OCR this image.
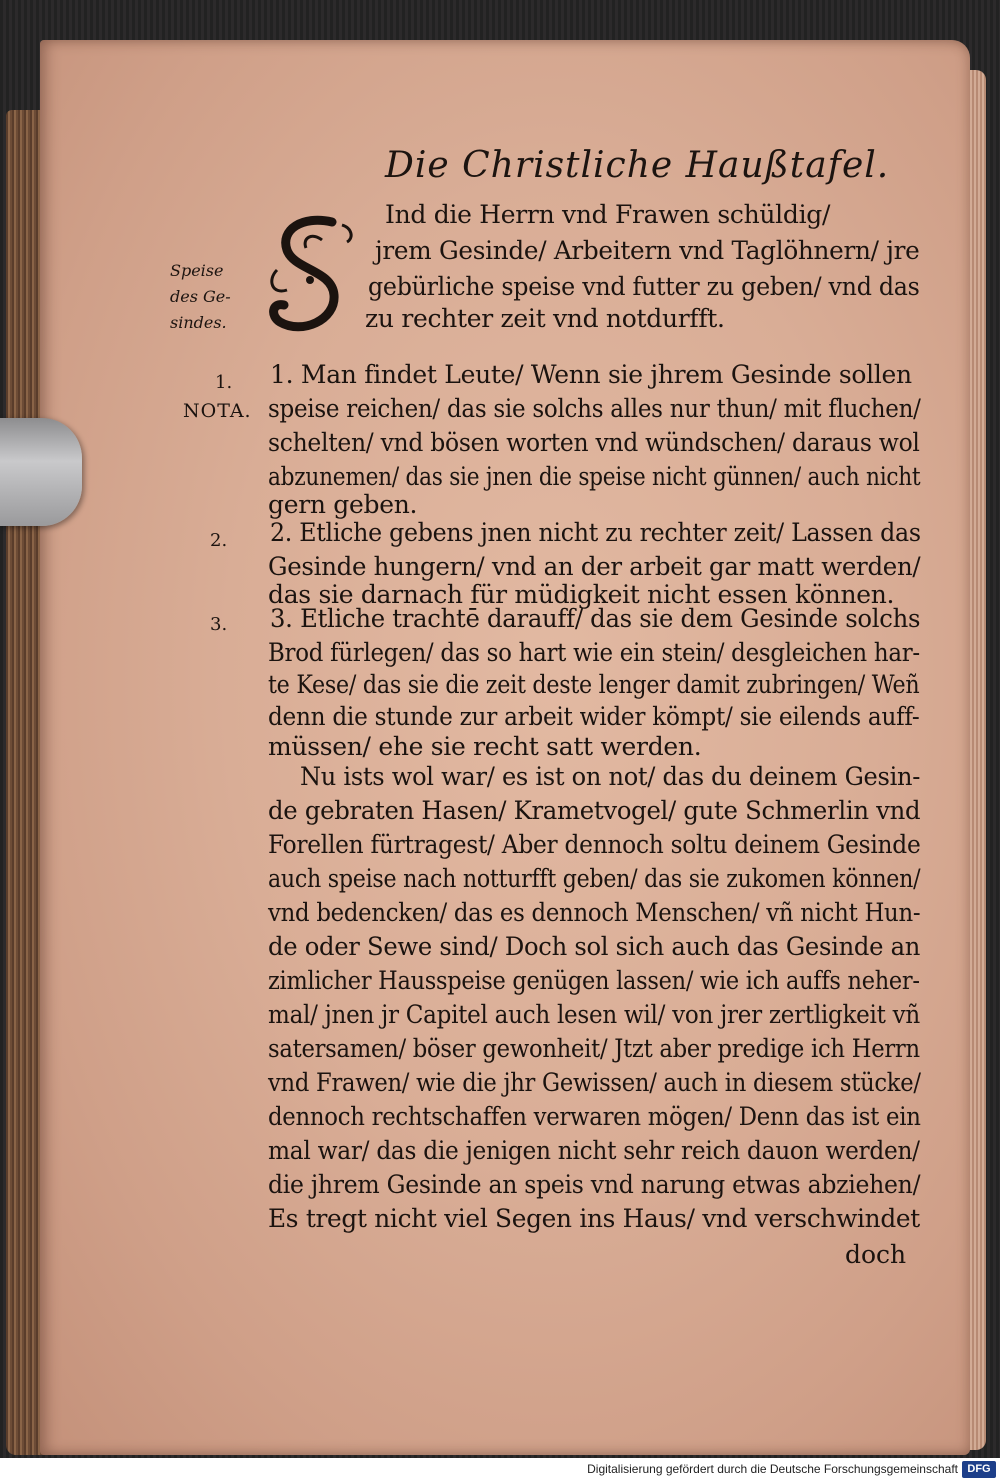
Die Christliche Haußtafel.
Speise
des Ge-
sindes.
1.
NOTA.
2.
3.
Ind die Herrn vnd Frawen schüldig/
jrem Gesinde/ Arbeitern vnd Taglöhnern/ jre
gebürliche speise vnd futter zu geben/ vnd das
zu rechter zeit vnd notdurfft.
1. Man findet Leute/ Wenn sie jhrem Gesinde sollen
speise reichen/ das sie solchs alles nur thun/ mit fluchen/
schelten/ vnd bösen worten vnd wündschen/ daraus wol
abzunemen/ das sie jnen die speise nicht günnen/ auch nicht
gern geben.
2. Etliche gebens jnen nicht zu rechter zeit/ Lassen das
Gesinde hungern/ vnd an der arbeit gar matt werden/
das sie darnach für müdigkeit nicht essen können.
3. Etliche trachtē darauff/ das sie dem Gesinde solchs
Brod fürlegen/ das so hart wie ein stein/ desgleichen har-
te Kese/ das sie die zeit deste lenger damit zubringen/ Weñ
denn die stunde zur arbeit wider kömpt/ sie eilends auff-
müssen/ ehe sie recht satt werden.
Nu ists wol war/ es ist on not/ das du deinem Gesin-
de gebraten Hasen/ Krametvogel/ gute Schmerlin vnd
Forellen fürtragest/ Aber dennoch soltu deinem Gesinde
auch speise nach notturfft geben/ das sie zukomen können/
vnd bedencken/ das es dennoch Menschen/ vñ nicht Hun-
de oder Sewe sind/ Doch sol sich auch das Gesinde an
zimlicher Hausspeise genügen lassen/ wie ich auffs neher-
mal/ jnen jr Capitel auch lesen wil/ von jrer zertligkeit vñ
satersamen/ böser gewonheit/ Jtzt aber predige ich Herrn
vnd Frawen/ wie die jhr Gewissen/ auch in diesem stücke/
dennoch rechtschaffen verwaren mögen/ Denn das ist ein
mal war/ das die jenigen nicht sehr reich dauon werden/
die jhrem Gesinde an speis vnd narung etwas abziehen/
Es tregt nicht viel Segen ins Haus/ vnd verschwindet
doch
Digitalisierung gefördert durch die Deutsche Forschungsgemeinschaft DFG
